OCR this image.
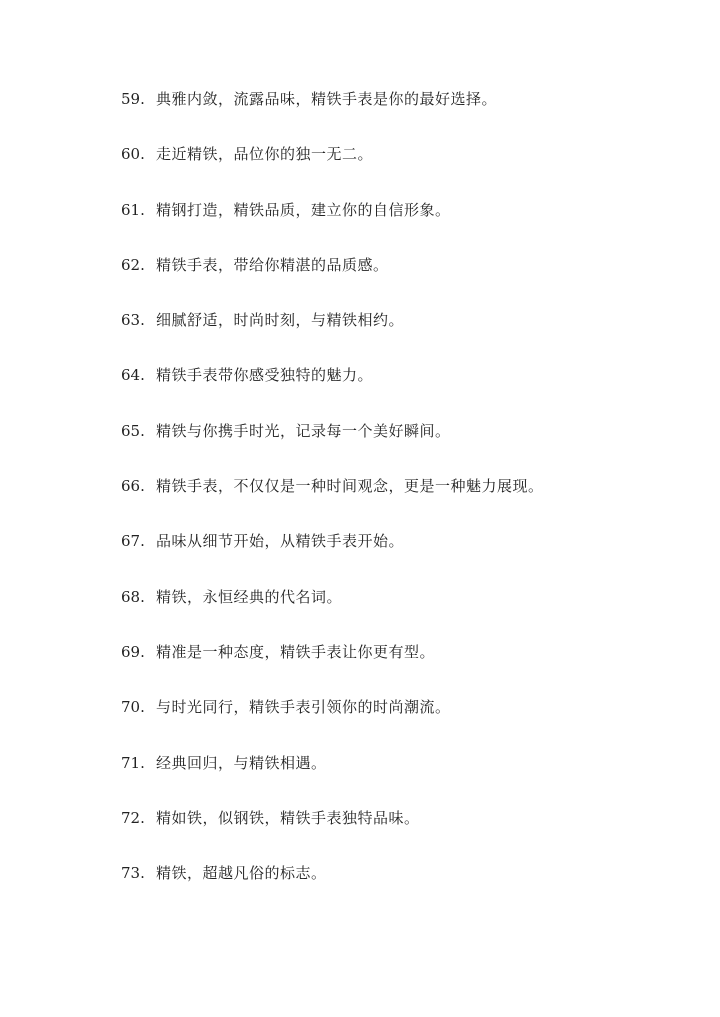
59. 典雅内敛，流露品味，精铁手表是你的最好选择。
60. 走近精铁，品位你的独一无二。
61. 精钢打造，精铁品质，建立你的自信形象。
62. 精铁手表，带给你精湛的品质感。
63. 细腻舒适，时尚时刻，与精铁相约。
64. 精铁手表带你感受独特的魅力。
65. 精铁与你携手时光，记录每一个美好瞬间。
66. 精铁手表，不仅仅是一种时间观念，更是一种魅力展现。
67. 品味从细节开始，从精铁手表开始。
68. 精铁，永恒经典的代名词。
69. 精准是一种态度，精铁手表让你更有型。
70. 与时光同行，精铁手表引领你的时尚潮流。
71. 经典回归，与精铁相遇。
72. 精如铁，似钢铁，精铁手表独特品味。
73. 精铁，超越凡俗的标志。
